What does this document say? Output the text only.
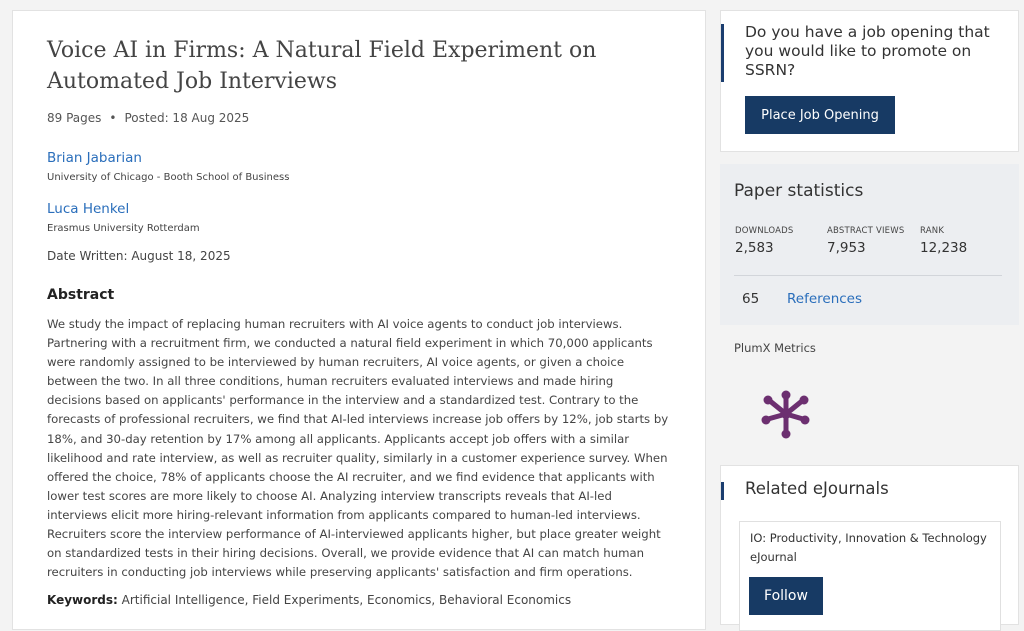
Voice AI in Firms: A Natural Field Experiment on Automated Job Interviews
89 Pages • Posted: 18 Aug 2025
Brian Jabarian
University of Chicago - Booth School of Business
Luca Henkel
Erasmus University Rotterdam
Date Written: August 18, 2025
Abstract

We study the impact of replacing human recruiters with AI voice agents to conduct job interviews. Partnering with a recruitment firm, we conducted a natural field experiment in which 70,000 applicants were randomly assigned to be interviewed by human recruiters, AI voice agents, or given a choice between the two. In all three conditions, human recruiters evaluated interviews and made hiring decisions based on applicants' performance in the interview and a standardized test. Contrary to the forecasts of professional recruiters, we find that AI-led interviews increase job offers by 12%, job starts by 18%, and 30-day retention by 17% among all applicants. Applicants accept job offers with a similar likelihood and rate interview, as well as recruiter quality, similarly in a customer experience survey. When offered the choice, 78% of applicants choose the AI recruiter, and we find evidence that applicants with lower test scores are more likely to choose AI. Analyzing interview transcripts reveals that AI-led interviews elicit more hiring-relevant information from applicants compared to human-led interviews. Recruiters score the interview performance of AI-interviewed applicants higher, but place greater weight on standardized tests in their hiring decisions. Overall, we provide evidence that AI can match human recruiters in conducting job interviews while preserving applicants' satisfaction and firm operations.

Keywords: Artificial Intelligence, Field Experiments, Economics, Behavioral Economics
Do you have a job opening that you would like to promote on SSRN?
Place Job Opening
Paper statistics
DOWNLOADS
2,583
ABSTRACT VIEWS
7,953
RANK
12,238
65 References
PlumX Metrics
Related eJournals
IO: Productivity, Innovation & Technology eJournal
Follow
